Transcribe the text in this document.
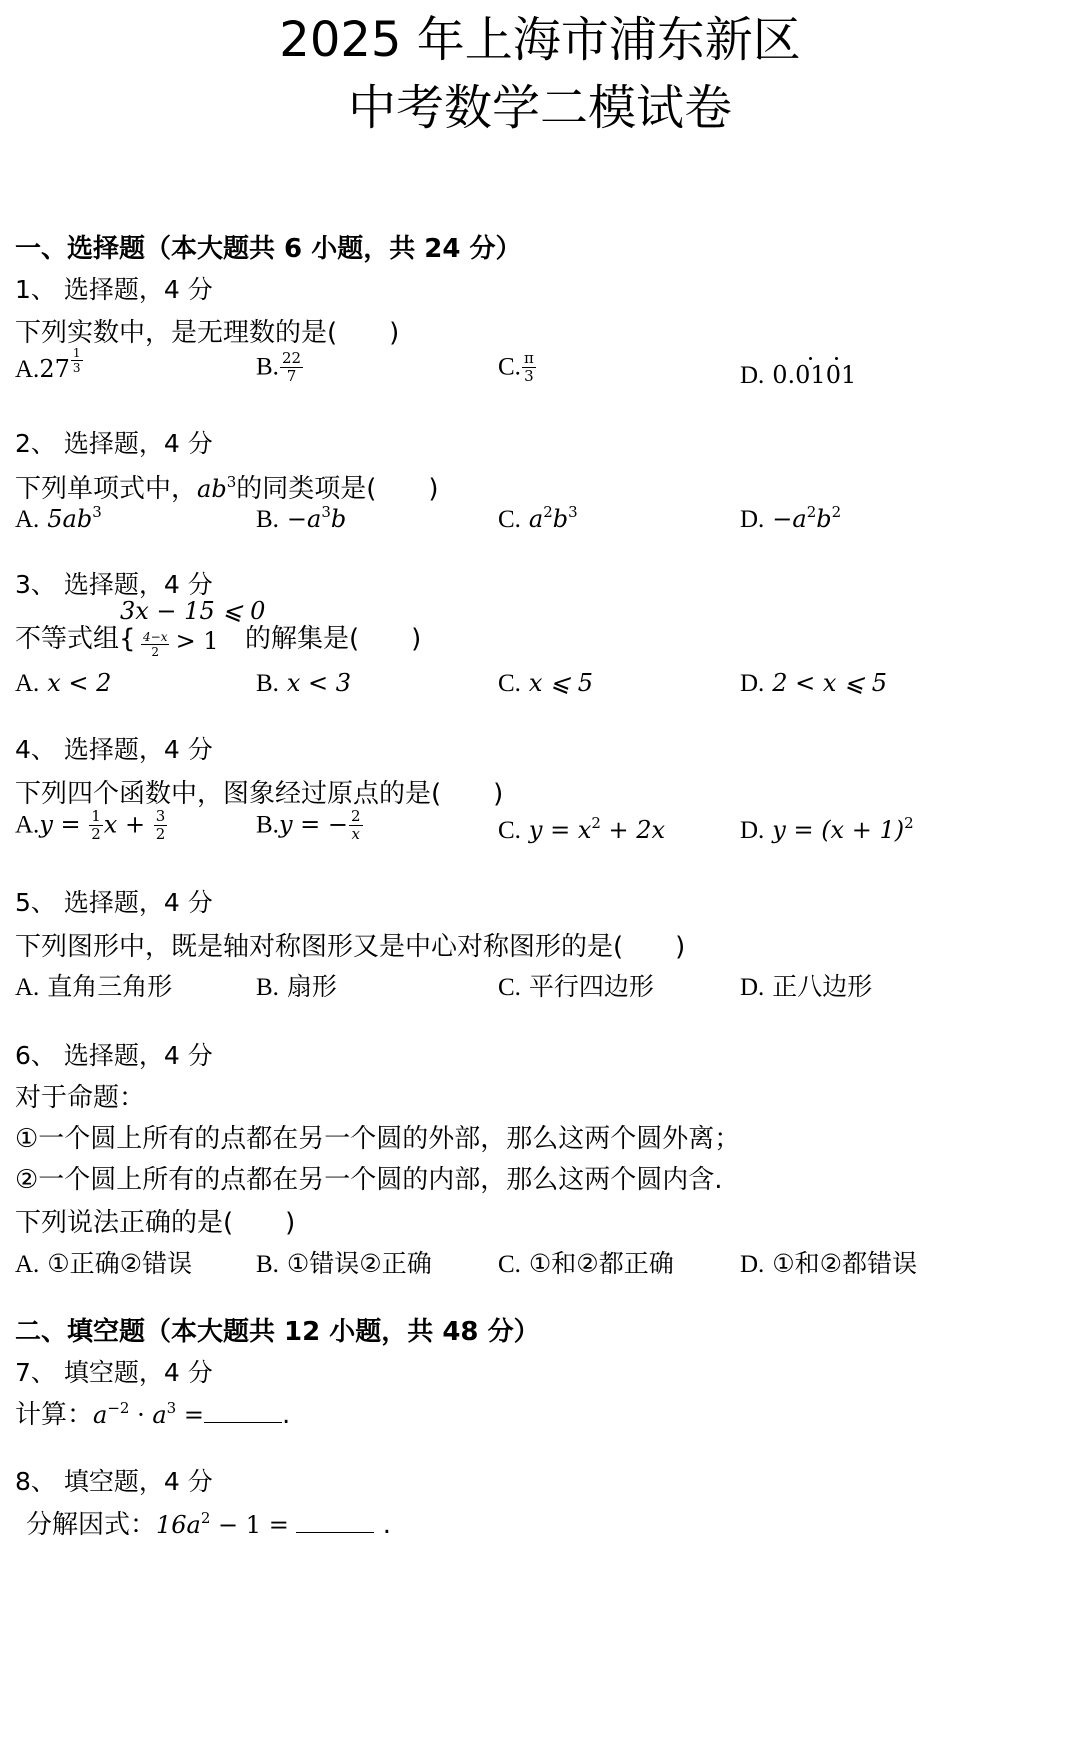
2025 年上海市浦东新区
中考数学二模试卷
一、选择题（本大题共 6 小题，共 24 分）
1、 选择题，4 分
下列实数中，是无理数的是(　　)
$A.27 \frac{1}{3}$	B. $\frac{22}{7}$	C. $\frac{\pi}{3}$	D. 0.0101
2、 选择题，4 分
下列单项式中，$ab^3$的同类项是(　　)
A. $5ab^3$	B. $-a^3b$	C. $a^2b^3$	D. $-a^2b^2$
3、 选择题，4 分
不等式组{
3x − 15 ⩽ 0
$\frac{4-x}{2} > 1$ 的解集是(　　)
A. x < 2	B. x < 3	C. x ⩽ 5	D. 2 < x ⩽ 5
4、 选择题，4 分
下列四个函数中，图象经过原点的是(　　)
$A.y = \frac{1}{2}$ $x + \frac{3}{2}$	B.y = − $\frac{2}{x}$	C. $y = x^2 + 2x$	D. $y = (x + 1)^2$
5、 选择题，4 分
下列图形中，既是轴对称图形又是中心对称图形的是(　　)
A. 直角三角形	B. 扇形	C. 平行四边形	D. 正八边形
6、 选择题，4 分
对于命题：
①一个圆上所有的点都在另一个圆的外部，那么这两个圆外离；
②一个圆上所有的点都在另一个圆的内部，那么这两个圆内含.
下列说法正确的是(　　)
A. ①正确②错误	B. ①错误②正确	C. ①和②都正确	D. ①和②都错误
二、填空题（本大题共 12 小题，共 48 分）
7、 填空题，4 分
计算：$a^{-2} \cdot a^3$ =	.
8、 填空题，4 分
分解因式：$16a^2 - 1$ =	.
